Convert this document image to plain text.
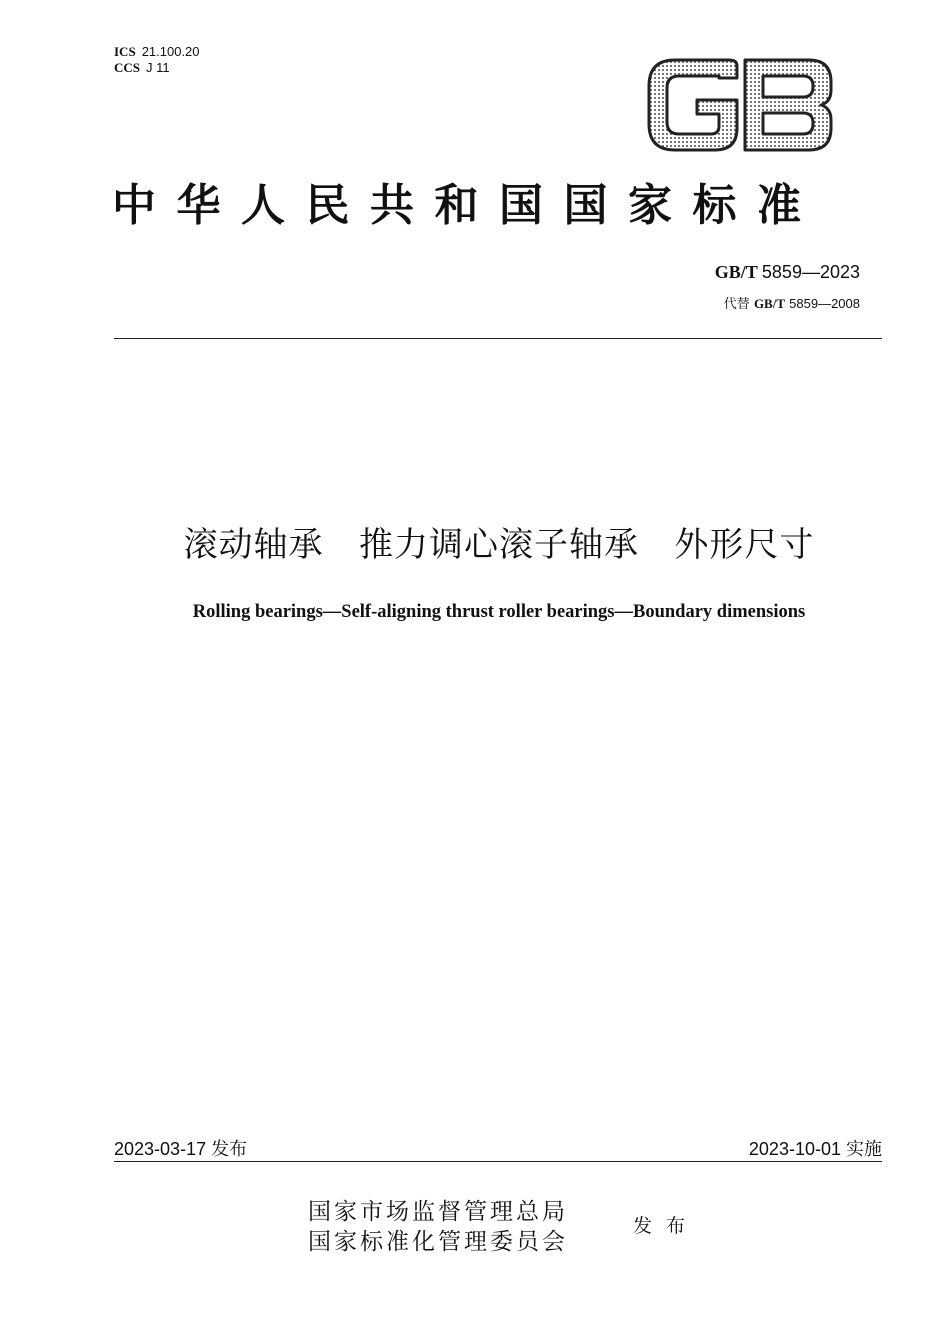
ICS 21.100.20
CCS J 11
中华人民共和国国家标准
GB/T 5859—2023
代替 GB/T 5859—2008
滚动轴承   推力调心滚子轴承   外形尺寸
Rolling bearings—Self-aligning thrust roller bearings—Boundary dimensions
2023-03-17 发布	2023-10-01 实施
国家市场监督管理总局
国家标准化管理委员会
发布
